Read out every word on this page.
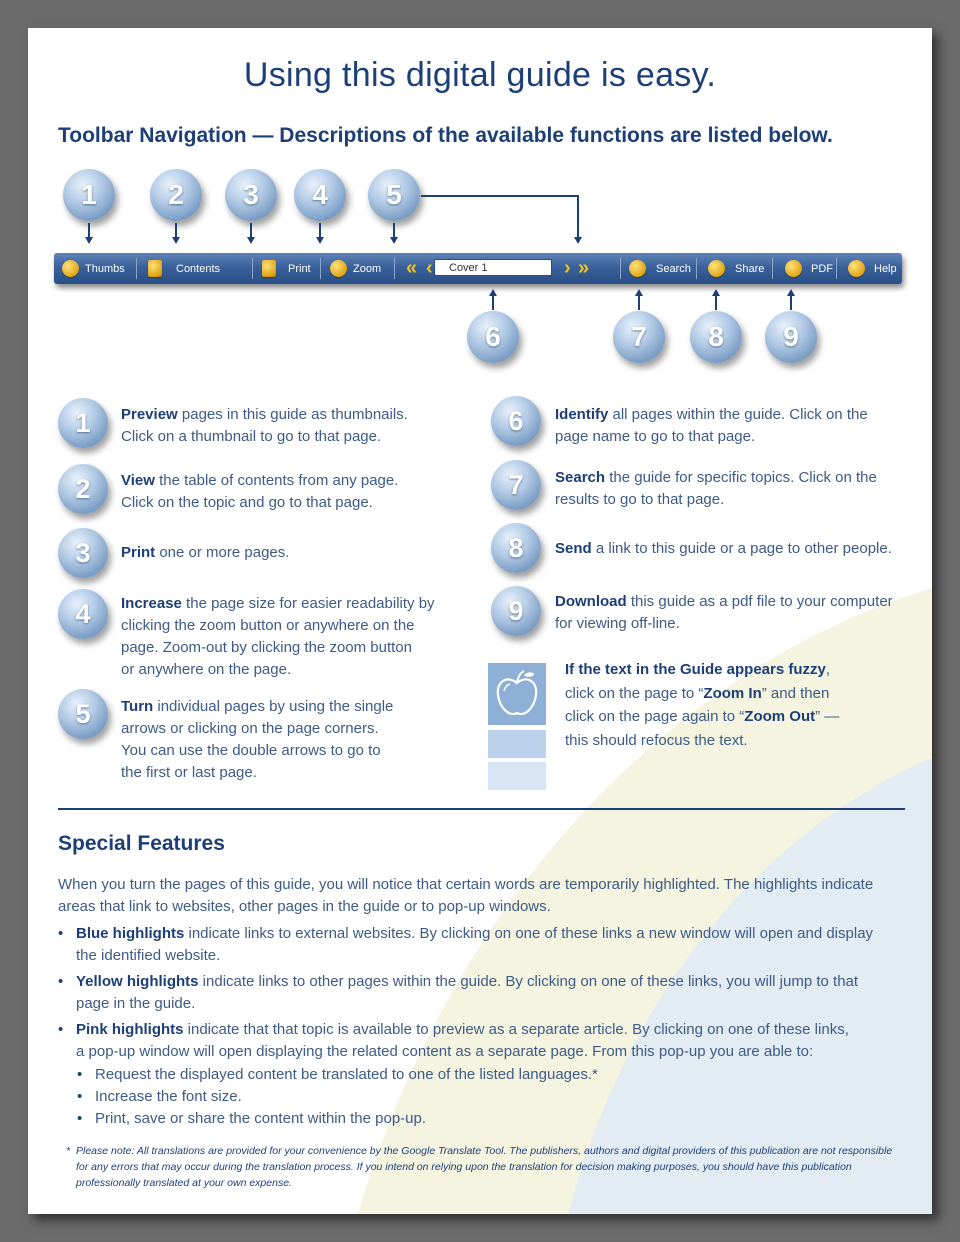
Using this digital guide is easy.
Toolbar Navigation — Descriptions of the available functions are listed below.
1	2	3	4	5
Thumbs	Contents	Print	Zoom « ‹	Cover 1	› »	Search	Share	PDF	Help
6	7	8	9
1	Preview pages in this guide as thumbnails.
Click on a thumbnail to go to that page.
2	View the table of contents from any page.
Click on the topic and go to that page.
3	Print one or more pages.
4	Increase the page size for easier readability by
clicking the zoom button or anywhere on the
page. Zoom-out by clicking the zoom button
or anywhere on the page.
5	Turn individual pages by using the single
arrows or clicking on the page corners.
You can use the double arrows to go to
the first or last page.
6	Identify all pages within the guide. Click on the
page name to go to that page.
7	Search the guide for specific topics. Click on the
results to go to that page.
8	Send a link to this guide or a page to other people.
9	Download this guide as a pdf file to your computer
for viewing off-line.
If the text in the Guide appears fuzzy,
click on the page to “Zoom In” and then
click on the page again to “Zoom Out” —
this should refocus the text.
Special Features
When you turn the pages of this guide, you will notice that certain words are temporarily highlighted. The highlights indicate
areas that link to websites, other pages in the guide or to pop-up windows.
• Blue highlights indicate links to external websites. By clicking on one of these links a new window will open and display
the identified website.
• Yellow highlights indicate links to other pages within the guide. By clicking on one of these links, you will jump to that
page in the guide.
• Pink highlights indicate that that topic is available to preview as a separate article. By clicking on one of these links,
a pop-up window will open displaying the related content as a separate page. From this pop-up you are able to:
• Request the displayed content be translated to one of the listed languages.*
• Increase the font size.
• Print, save or share the content within the pop-up.
* Please note: All translations are provided for your convenience by the Google Translate Tool. The publishers, authors and digital providers of this publication are not responsible
for any errors that may occur during the translation process. If you intend on relying upon the translation for decision making purposes, you should have this publication
professionally translated at your own expense.
